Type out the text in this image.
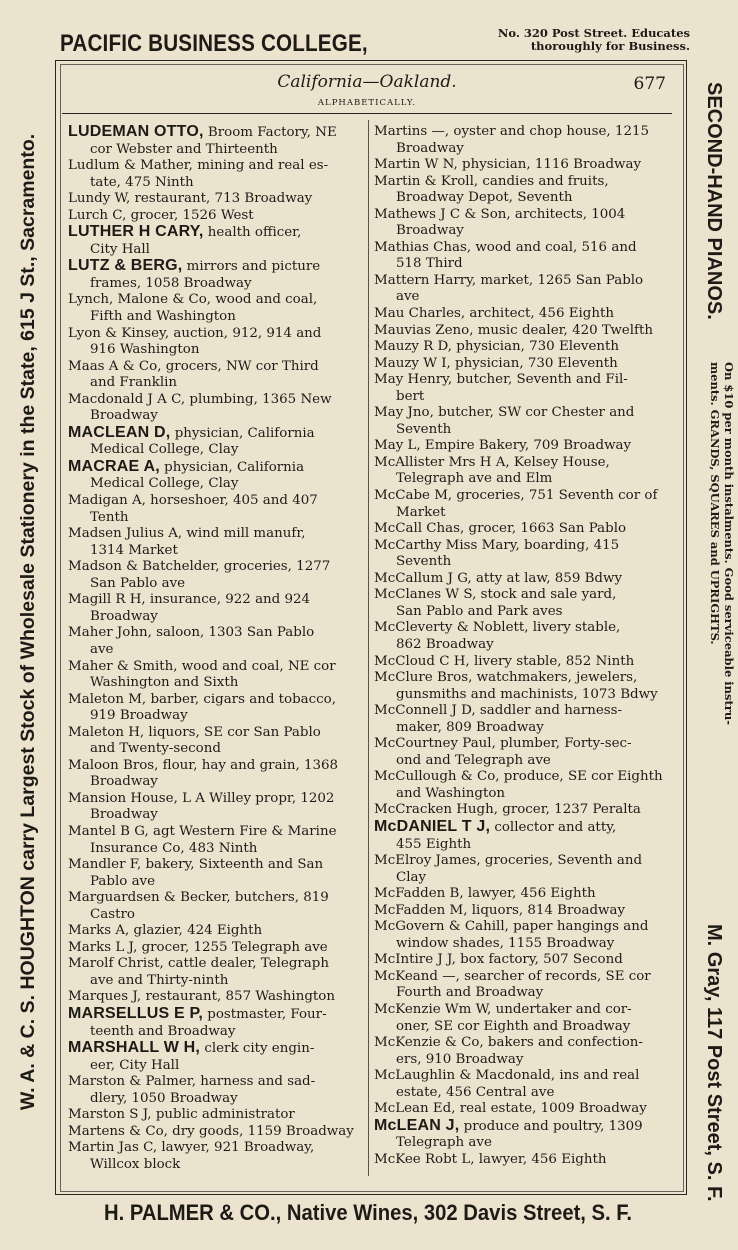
PACIFIC BUSINESS COLLEGE,	No. 320 Post Street. Educates
thoroughly for Business.
California—Oakland.	677
ALPHABETICALLY.
LUDEMAN OTTO, Broom Factory, NE
cor Webster and Thirteenth
Ludlum & Mather, mining and real es-
tate, 475 Ninth
Lundy W, restaurant, 713 Broadway
Lurch C, grocer, 1526 West
LUTHER H CARY, health officer,
City Hall
LUTZ & BERG, mirrors and picture
frames, 1058 Broadway
Lynch, Malone & Co, wood and coal,
Fifth and Washington
Lyon & Kinsey, auction, 912, 914 and
916 Washington
Maas A & Co, grocers, NW cor Third
and Franklin
Macdonald J A C, plumbing, 1365 New
Broadway
MACLEAN D, physician, California
Medical College, Clay
MACRAE A, physician, California
Medical College, Clay
Madigan A, horseshoer, 405 and 407
Tenth
Madsen Julius A, wind mill manufr,
1314 Market
Madson & Batchelder, groceries, 1277
San Pablo ave
Magill R H, insurance, 922 and 924
Broadway
Maher John, saloon, 1303 San Pablo
ave
Maher & Smith, wood and coal, NE cor
Washington and Sixth
Maleton M, barber, cigars and tobacco,
919 Broadway
Maleton H, liquors, SE cor San Pablo
and Twenty-second
Maloon Bros, flour, hay and grain, 1368
Broadway
Mansion House, L A Willey propr, 1202
Broadway
Mantel B G, agt Western Fire & Marine
Insurance Co, 483 Ninth
Mandler F, bakery, Sixteenth and San
Pablo ave
Marguardsen & Becker, butchers, 819
Castro
Marks A, glazier, 424 Eighth
Marks L J, grocer, 1255 Telegraph ave
Marolf Christ, cattle dealer, Telegraph
ave and Thirty-ninth
Marques J, restaurant, 857 Washington
MARSELLUS E P, postmaster, Four-
teenth and Broadway
MARSHALL W H, clerk city engin-
eer, City Hall
Marston & Palmer, harness and sad-
dlery, 1050 Broadway
Marston S J, public administrator
Martens & Co, dry goods, 1159 Broadway
Martin Jas C, lawyer, 921 Broadway,
Willcox block
Martins —, oyster and chop house, 1215
Broadway
Martin W N, physician, 1116 Broadway
Martin & Kroll, candies and fruits,
Broadway Depot, Seventh
Mathews J C & Son, architects, 1004
Broadway
Mathias Chas, wood and coal, 516 and
518 Third
Mattern Harry, market, 1265 San Pablo
ave
Mau Charles, architect, 456 Eighth
Mauvias Zeno, music dealer, 420 Twelfth
Mauzy R D, physician, 730 Eleventh
Mauzy W I, physician, 730 Eleventh
May Henry, butcher, Seventh and Fil-
bert
May Jno, butcher, SW cor Chester and
Seventh
May L, Empire Bakery, 709 Broadway
McAllister Mrs H A, Kelsey House,
Telegraph ave and Elm
McCabe M, groceries, 751 Seventh cor of
Market
McCall Chas, grocer, 1663 San Pablo
McCarthy Miss Mary, boarding, 415
Seventh
McCallum J G, atty at law, 859 Bdwy
McClanes W S, stock and sale yard,
San Pablo and Park aves
McCleverty & Noblett, livery stable,
862 Broadway
McCloud C H, livery stable, 852 Ninth
McClure Bros, watchmakers, jewelers,
gunsmiths and machinists, 1073 Bdwy
McConnell J D, saddler and harness-
maker, 809 Broadway
McCourtney Paul, plumber, Forty-sec-
ond and Telegraph ave
McCullough & Co, produce, SE cor Eighth
and Washington
McCracken Hugh, grocer, 1237 Peralta
McDANIEL T J, collector and atty,
455 Eighth
McElroy James, groceries, Seventh and
Clay
McFadden B, lawyer, 456 Eighth
McFadden M, liquors, 814 Broadway
McGovern & Cahill, paper hangings and
window shades, 1155 Broadway
McIntire J J, box factory, 507 Second
McKeand —, searcher of records, SE cor
Fourth and Broadway
McKenzie Wm W, undertaker and cor-
oner, SE cor Eighth and Broadway
McKenzie & Co, bakers and confection-
ers, 910 Broadway
McLaughlin & Macdonald, ins and real
estate, 456 Central ave
McLean Ed, real estate, 1009 Broadway
McLEAN J, produce and poultry, 1309
Telegraph ave
McKee Robt L, lawyer, 456 Eighth
W. A. & C. S. HOUGHTON carry Largest Stock of Wholesale Stationery in the State, 615 J St., Sacramento.	SECOND-HAND PIANOS.
On $10 per month instalments. Good serviceable instru-
ments. GRANDS, SQUARES and UPRIGHTS.
M. Gray, 117 Post Street, S. F.
H. PALMER & CO., Native Wines, 302 Davis Street, S. F.
